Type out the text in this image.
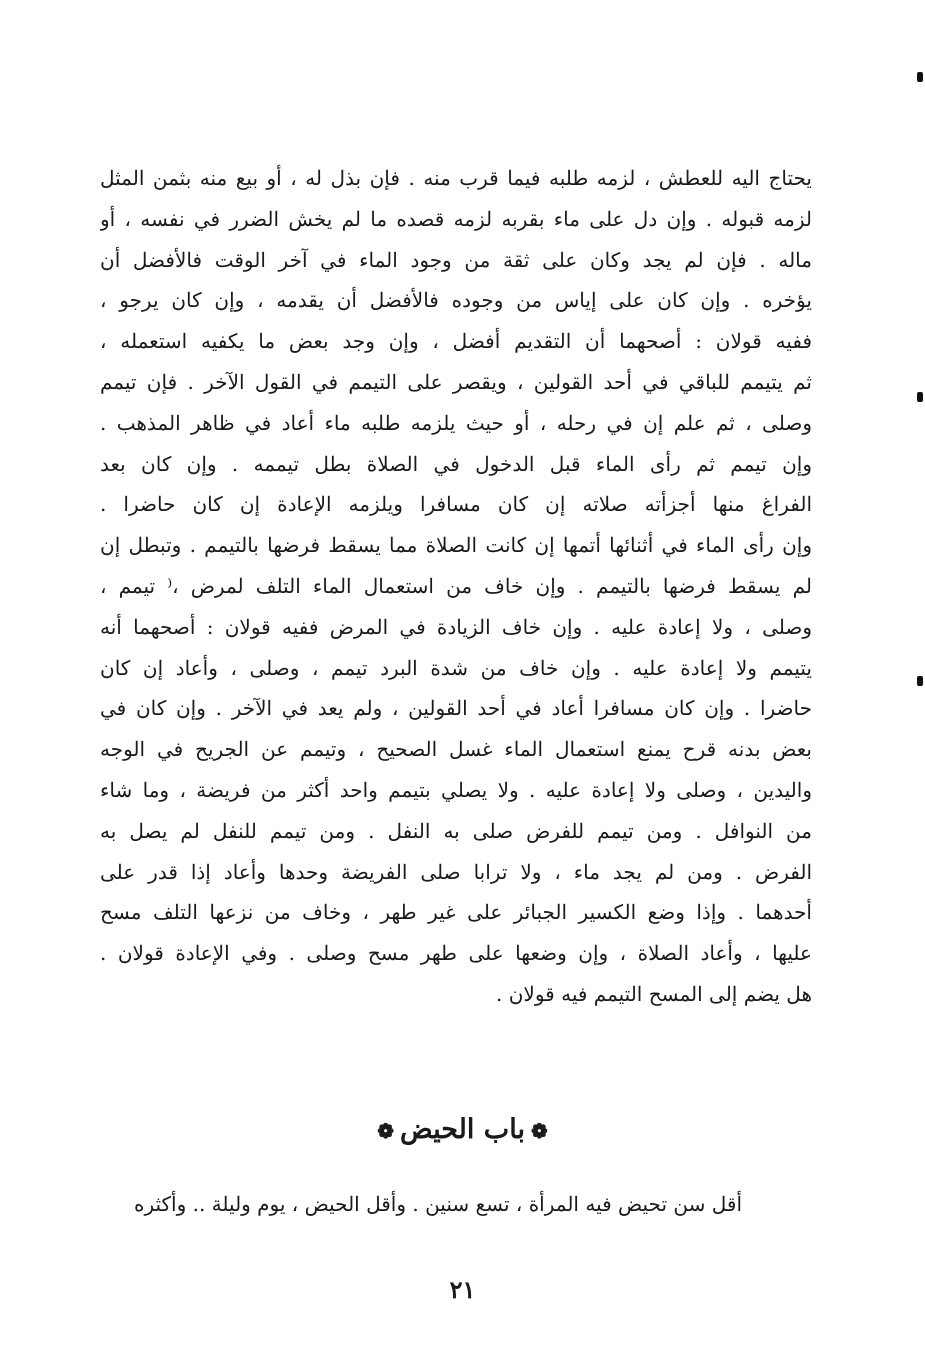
يحتاج اليه للعطش ، لزمه طلبه فيما قرب منه . فإن بذل له ، أو بيع منه بثمن المثل
لزمه قبوله . وإن دل على ماء بقربه لزمه قصده ما لم يخش الضرر في نفسه ، أو
ماله . فإن لم يجد وكان على ثقة من وجود الماء في آخر الوقت فالأفضل أن
يؤخره . وإن كان على إياس من وجوده فالأفضل أن يقدمه ، وإن كان يرجو ،
ففيه قولان : أصحهما أن التقديم أفضل ، وإن وجد بعض ما يكفيه استعمله ،
ثم يتيمم للباقي في أحد القولين ، ويقصر على التيمم في القول الآخر . فإن تيمم
وصلى ، ثم علم إن في رحله ، أو حيث يلزمه طلبه ماء أعاد في ظاهر المذهب .
وإن تيمم ثم رأى الماء قبل الدخول في الصلاة بطل تيممه . وإن كان بعد
الفراغ منها أجزأته صلاته إن كان مسافرا ويلزمه الإعادة إن كان حاضرا .
وإن رأى الماء في أثنائها أتمها إن كانت الصلاة مما يسقط فرضها بالتيمم . وتبطل إن
لم يسقط فرضها بالتيمم . وإن خاف من استعمال الماء التلف لمرض ،⁽ تيمم ،
وصلى ، ولا إعادة عليه . وإن خاف الزيادة في المرض ففيه قولان : أصحهما أنه
يتيمم ولا إعادة عليه . وإن خاف من شدة البرد تيمم ، وصلى ، وأعاد إن كان
حاضرا . وإن كان مسافرا أعاد في أحد القولين ، ولم يعد في الآخر . وإن كان في
بعض بدنه قرح يمنع استعمال الماء غسل الصحيح ، وتيمم عن الجريح في الوجه
واليدين ، وصلى ولا إعادة عليه . ولا يصلي بتيمم واحد أكثر من فريضة ، وما شاء
من النوافل . ومن تيمم للفرض صلى به النفل . ومن تيمم للنفل لم يصل به
الفرض . ومن لم يجد ماء ، ولا ترابا صلى الفريضة وحدها وأعاد إذا قدر على
أحدهما . وإذا وضع الكسير الجبائر على غير طهر ، وخاف من نزعها التلف مسح
عليها ، وأعاد الصلاة ، وإن وضعها على طهر مسح وصلى . وفي الإعادة قولان .
هل يضم إلى المسح التيمم فيه قولان .
❁باب الحيض❁
أقل سن تحيض فيه المرأة ، تسع سنين . وأقل الحيض ، يوم وليلة .. وأكثره
٢١
